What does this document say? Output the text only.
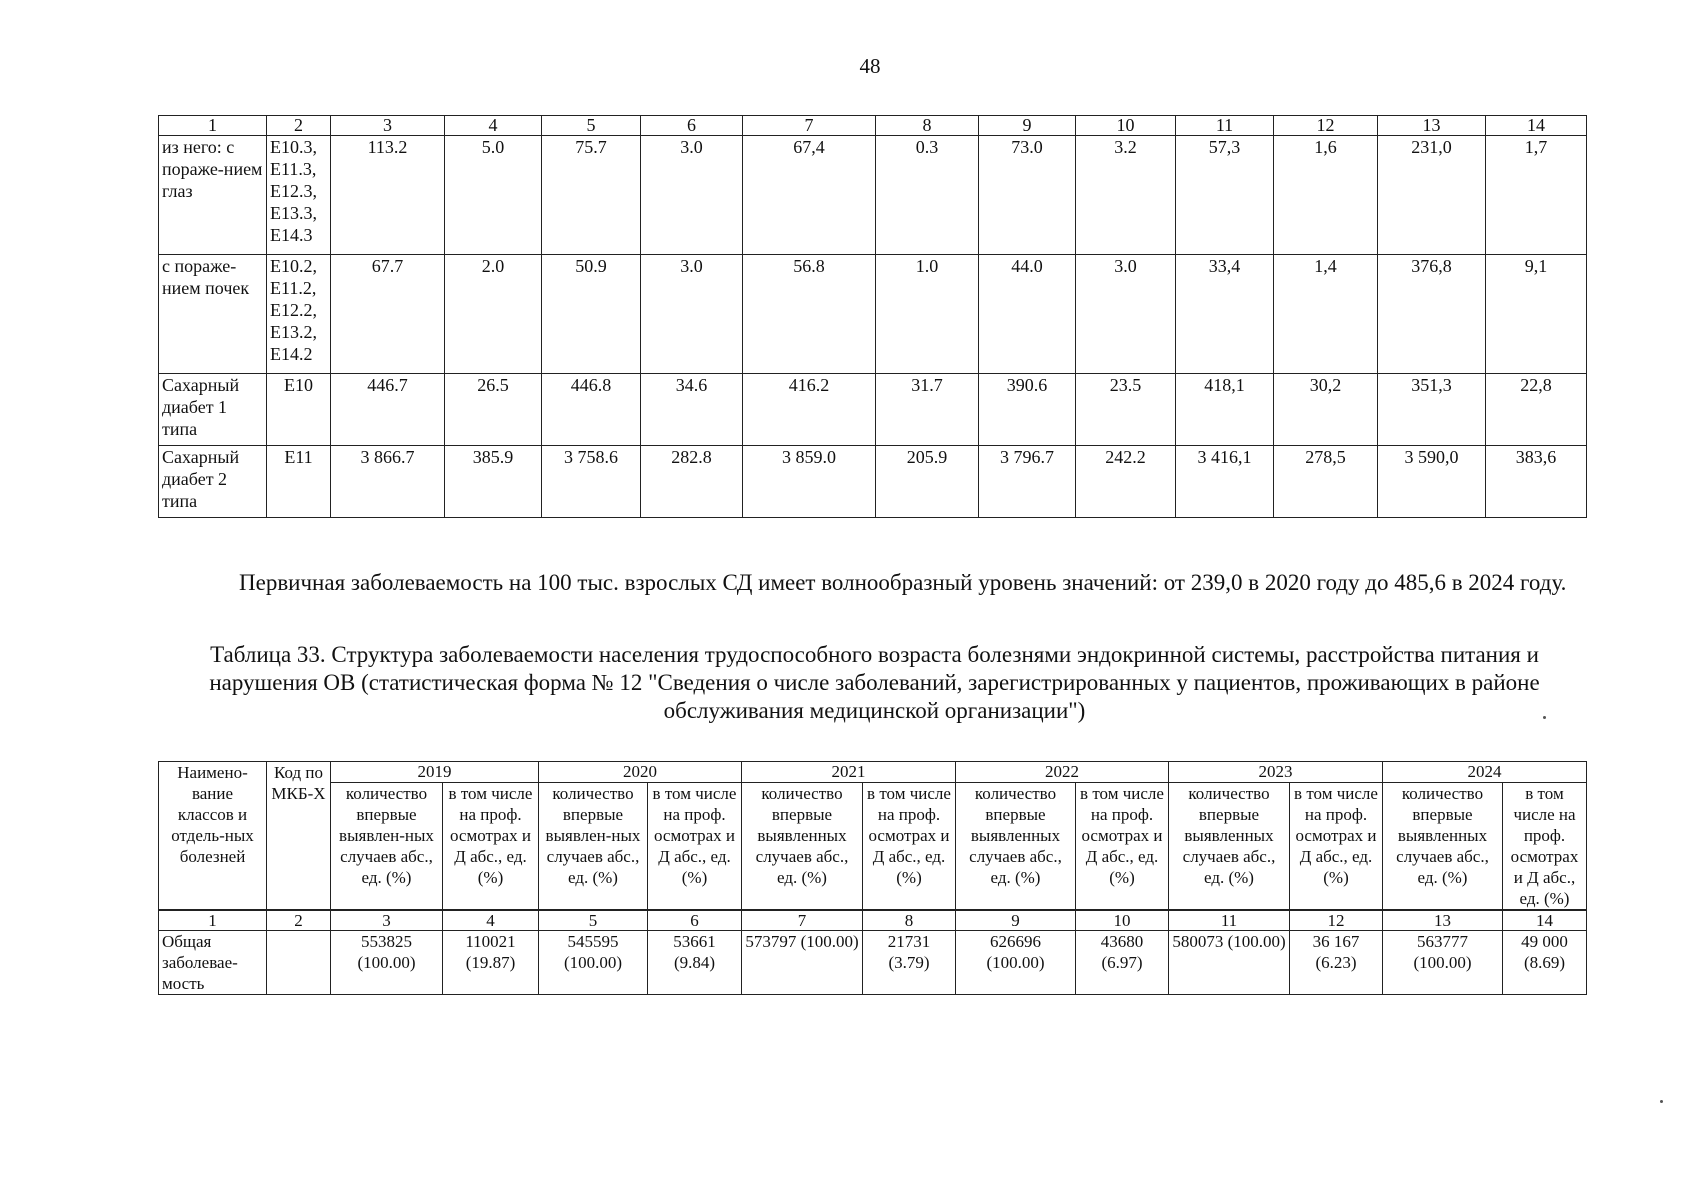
48
1	2	3	4	5	6	7	8	9	10	11	12	13	14
из него: с пораже-нием глаз	E10.3, E11.3, E12.3, E13.3, E14.3	113.2	5.0	75.7	3.0	67,4	0.3	73.0	3.2	57,3	1,6	231,0	1,7
с пораже-нием почек	E10.2, E11.2, E12.2, E13.2, E14.2	67.7	2.0	50.9	3.0	56.8	1.0	44.0	3.0	33,4	1,4	376,8	9,1
Сахарный диабет 1 типа	E10	446.7	26.5	446.8	34.6	416.2	31.7	390.6	23.5	418,1	30,2	351,3	22,8
Сахарный диабет 2 типа	E11	3 866.7	385.9	3 758.6	282.8	3 859.0	205.9	3 796.7	242.2	3 416,1	278,5	3 590,0	383,6

Первичная заболеваемость на 100 тыс. взрослых СД имеет волнообразный уровень значений: от 239,0 в 2020 году до 485,6 в 2024 году.

Таблица 33. Структура заболеваемости населения трудоспособного возраста болезнями эндокринной системы, расстройства питания и нарушения ОВ (статистическая форма № 12 "Сведения о числе заболеваний, зарегистрированных у пациентов, проживающих в районе обслуживания медицинской организации")
Наимено-вание классов и отдель-ных болезней	Код по МКБ-Х	2019		2020		2021		2022		2023		2024	
		количество впервые выявлен-ных случаев абс., ед. (%)	в том числе на проф. осмотрах и Д абс., ед. (%)	количество впервые выявлен-ных случаев абс., ед. (%)	в том числе на проф. осмотрах и Д абс., ед. (%)	количество впервые выявленных случаев абс., ед. (%)	в том числе на проф. осмотрах и Д абс., ед. (%)	количество впервые выявленных случаев абс., ед. (%)	в том числе на проф. осмотрах и Д абс., ед. (%)	количество впервые выявленных случаев абс., ед. (%)	в том числе на проф. осмотрах и Д абс., ед. (%)	количество впервые выявленных случаев абс., ед. (%)	в том числе на проф. осмотрах и Д абс., ед. (%)
1	2	3	4	5	6	7	8	9	10	11	12	13	14
Общая заболевае-мость		553825 (100.00)	110021 (19.87)	545595 (100.00)	53661 (9.84)	573797 (100.00)	21731 (3.79)	626696 (100.00)	43680 (6.97)	580073 (100.00)	36 167 (6.23)	563777 (100.00)	49 000 (8.69)
